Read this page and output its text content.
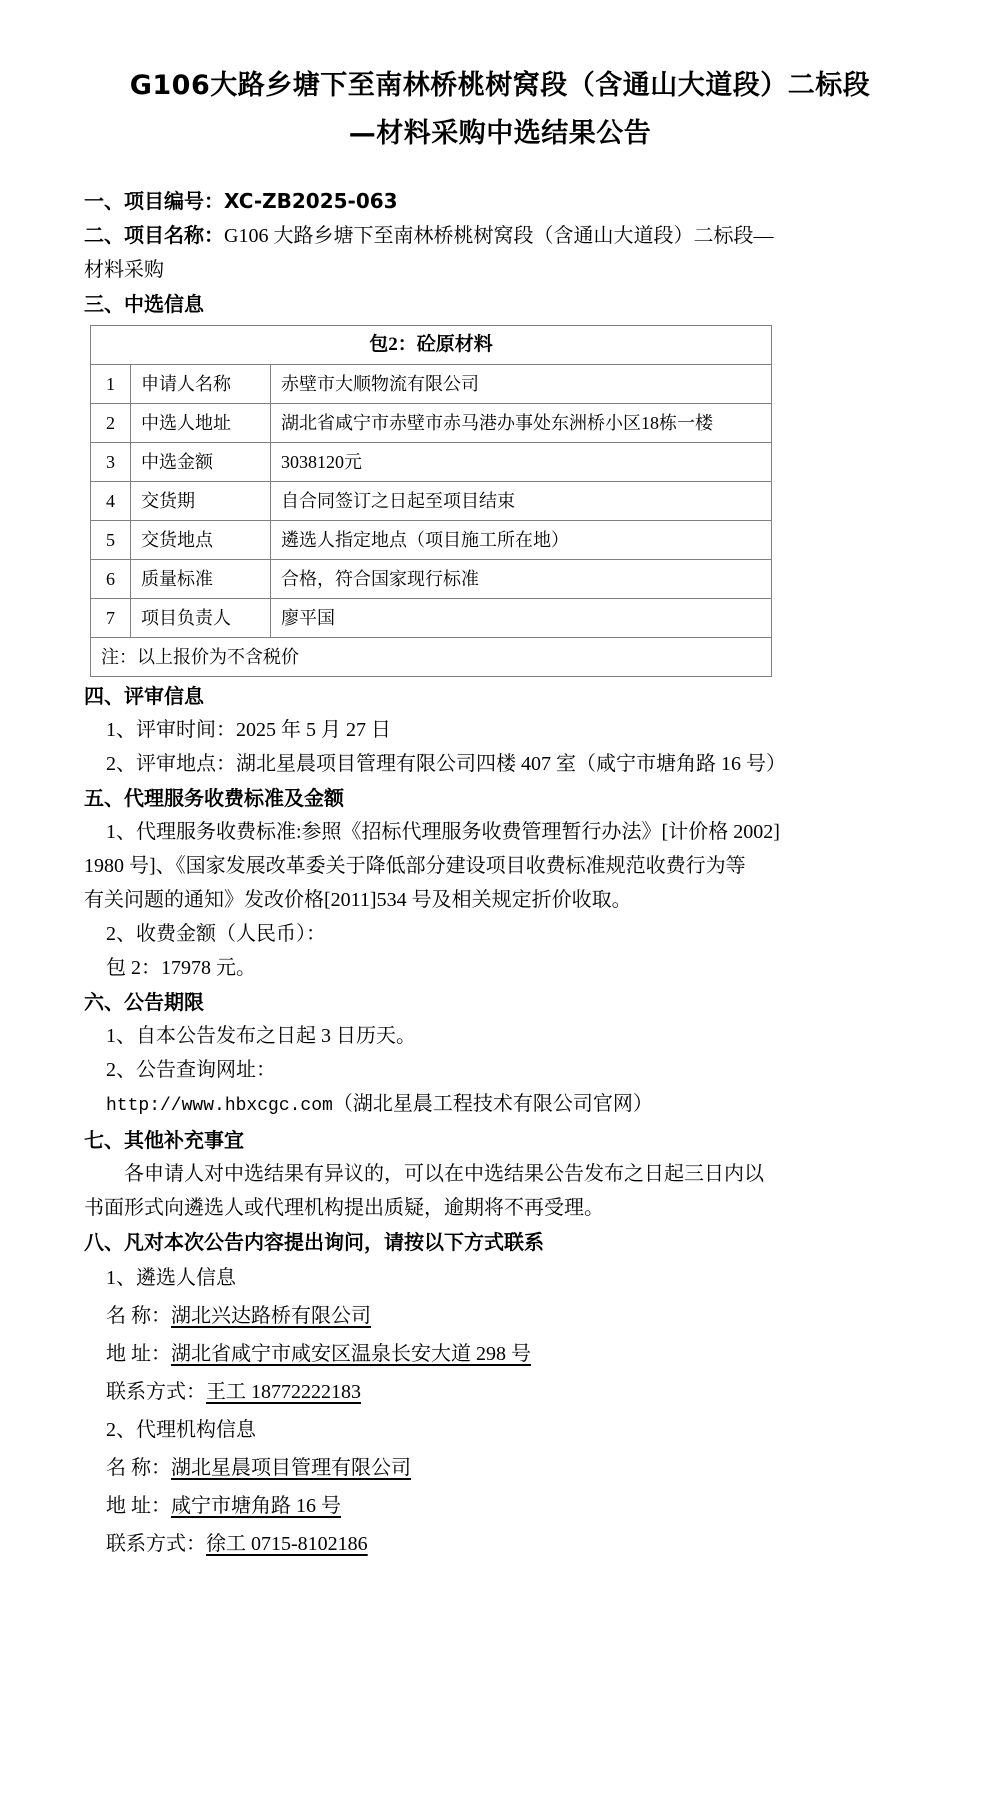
G106大路乡塘下至南林桥桃树窝段（含通山大道段）二标段
—材料采购中选结果公告

一、项目编号：XC-ZB2025-063

二、项目名称：G106 大路乡塘下至南林桥桃树窝段（含通山大道段）二标段—

材料采购

三、中选信息

包2：砼原材料		
1	申请人名称	赤壁市大顺物流有限公司
2	中选人地址	湖北省咸宁市赤壁市赤马港办事处东洲桥小区18栋一楼
3	中选金额	3038120元
4	交货期	自合同签订之日起至项目结束
5	交货地点	遴选人指定地点（项目施工所在地）
6	质量标准	合格，符合国家现行标准
7	项目负责人	廖平国
注：以上报价为不含税价		

四、评审信息

1、评审时间：2025 年 5 月 27 日

2、评审地点：湖北星晨项目管理有限公司四楼 407 室（咸宁市塘角路 16 号）

五、代理服务收费标准及金额

1、代理服务收费标准:参照《招标代理服务收费管理暂行办法》[计价格 2002]

1980 号]、《国家发展改革委关于降低部分建设项目收费标准规范收费行为等

有关问题的通知》发改价格[2011]534 号及相关规定折价收取。

2、收费金额（人民币）：

包 2：17978 元。

六、公告期限

1、自本公告发布之日起 3 日历天。

2、公告查询网址：

http://www.hbxcgc.com（湖北星晨工程技术有限公司官网）

七、其他补充事宜

各申请人对中选结果有异议的，可以在中选结果公告发布之日起三日内以

书面形式向遴选人或代理机构提出质疑，逾期将不再受理。

八、凡对本次公告内容提出询问，请按以下方式联系

1、遴选人信息

名 称：湖北兴达路桥有限公司

地 址：湖北省咸宁市咸安区温泉长安大道 298 号

联系方式：王工 18772222183

2、代理机构信息

名 称：湖北星晨项目管理有限公司

地 址：咸宁市塘角路 16 号

联系方式：徐工 0715-8102186
